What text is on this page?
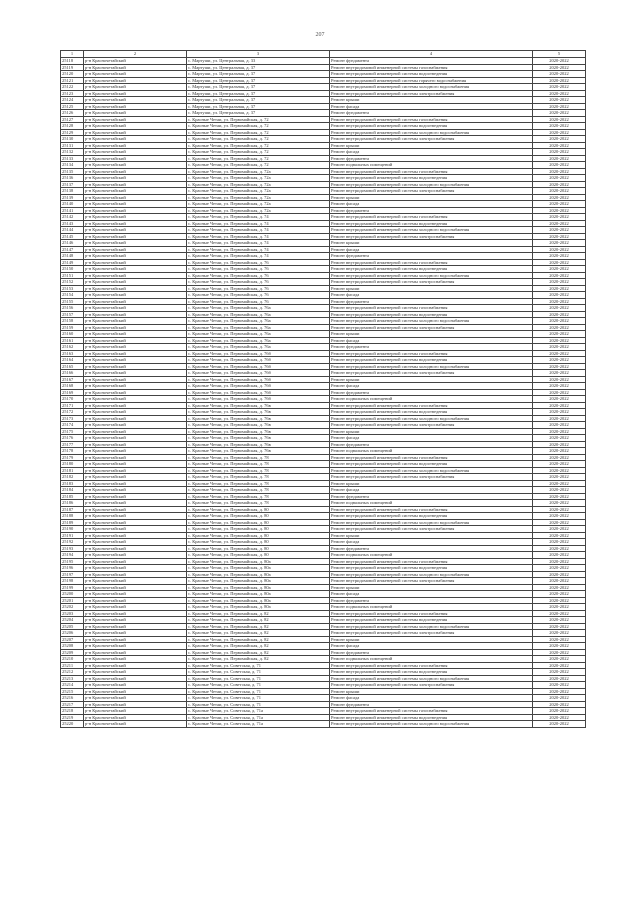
207
1	2	3	4	5
25118	р-н Красночетайский	с. Мартуши, ул. Центральная, д. 33	Ремонт фундамента	2020-2022
25119	р-н Красночетайский	с. Мартуши, ул. Центральная, д. 37	Ремонт внутридомовой инженерной системы газоснабжения	2020-2022
25120	р-н Красночетайский	с. Мартуши, ул. Центральная, д. 37	Ремонт внутридомовой инженерной системы водоотведения	2020-2022
25121	р-н Красночетайский	с. Мартуши, ул. Центральная, д. 37	Ремонт внутридомовой инженерной системы горячего водоснабжения	2020-2022
25122	р-н Красночетайский	с. Мартуши, ул. Центральная, д. 37	Ремонт внутридомовой инженерной системы холодного водоснабжения	2020-2022
25123	р-н Красночетайский	с. Мартуши, ул. Центральная, д. 37	Ремонт внутридомовой инженерной системы электроснабжения	2020-2022
25124	р-н Красночетайский	с. Мартуши, ул. Центральная, д. 37	Ремонт крыши	2020-2022
25125	р-н Красночетайский	с. Мартуши, ул. Центральная, д. 37	Ремонт фасада	2020-2022
25126	р-н Красночетайский	с. Мартуши, ул. Центральная, д. 37	Ремонт фундамента	2020-2022
25127	р-н Красночетайский	с. Красные Четаи, ул. Первомайская, д. 72	Ремонт внутридомовой инженерной системы газоснабжения	2020-2022
25128	р-н Красночетайский	с. Красные Четаи, ул. Первомайская, д. 72	Ремонт внутридомовой инженерной системы водоотведения	2020-2022
25129	р-н Красночетайский	с. Красные Четаи, ул. Первомайская, д. 72	Ремонт внутридомовой инженерной системы холодного водоснабжения	2020-2022
25130	р-н Красночетайский	с. Красные Четаи, ул. Первомайская, д. 72	Ремонт внутридомовой инженерной системы электроснабжения	2020-2022
25131	р-н Красночетайский	с. Красные Четаи, ул. Первомайская, д. 72	Ремонт крыши	2020-2022
25132	р-н Красночетайский	с. Красные Четаи, ул. Первомайская, д. 72	Ремонт фасада	2020-2022
25133	р-н Красночетайский	с. Красные Четаи, ул. Первомайская, д. 72	Ремонт фундамента	2020-2022
25134	р-н Красночетайский	с. Красные Четаи, ул. Первомайская, д. 72	Ремонт подвальных помещений	2020-2022
25135	р-н Красночетайский	с. Красные Четаи, ул. Первомайская, д. 72а	Ремонт внутридомовой инженерной системы газоснабжения	2020-2022
25136	р-н Красночетайский	с. Красные Четаи, ул. Первомайская, д. 72а	Ремонт внутридомовой инженерной системы водоотведения	2020-2022
25137	р-н Красночетайский	с. Красные Четаи, ул. Первомайская, д. 72а	Ремонт внутридомовой инженерной системы холодного водоснабжения	2020-2022
25138	р-н Красночетайский	с. Красные Четаи, ул. Первомайская, д. 72а	Ремонт внутридомовой инженерной системы электроснабжения	2020-2022
25139	р-н Красночетайский	с. Красные Четаи, ул. Первомайская, д. 72а	Ремонт крыши	2020-2022
25140	р-н Красночетайский	с. Красные Четаи, ул. Первомайская, д. 72а	Ремонт фасада	2020-2022
25141	р-н Красночетайский	с. Красные Четаи, ул. Первомайская, д. 72а	Ремонт фундамента	2020-2022
25142	р-н Красночетайский	с. Красные Четаи, ул. Первомайская, д. 74	Ремонт внутридомовой инженерной системы газоснабжения	2020-2022
25143	р-н Красночетайский	с. Красные Четаи, ул. Первомайская, д. 74	Ремонт внутридомовой инженерной системы водоотведения	2020-2022
25144	р-н Красночетайский	с. Красные Четаи, ул. Первомайская, д. 74	Ремонт внутридомовой инженерной системы холодного водоснабжения	2020-2022
25145	р-н Красночетайский	с. Красные Четаи, ул. Первомайская, д. 74	Ремонт внутридомовой инженерной системы электроснабжения	2020-2022
25146	р-н Красночетайский	с. Красные Четаи, ул. Первомайская, д. 74	Ремонт крыши	2020-2022
25147	р-н Красночетайский	с. Красные Четаи, ул. Первомайская, д. 74	Ремонт фасада	2020-2022
25148	р-н Красночетайский	с. Красные Четаи, ул. Первомайская, д. 74	Ремонт фундамента	2020-2022
25149	р-н Красночетайский	с. Красные Четаи, ул. Первомайская, д. 76	Ремонт внутридомовой инженерной системы газоснабжения	2020-2022
25150	р-н Красночетайский	с. Красные Четаи, ул. Первомайская, д. 76	Ремонт внутридомовой инженерной системы водоотведения	2020-2022
25151	р-н Красночетайский	с. Красные Четаи, ул. Первомайская, д. 76	Ремонт внутридомовой инженерной системы холодного водоснабжения	2020-2022
25152	р-н Красночетайский	с. Красные Четаи, ул. Первомайская, д. 76	Ремонт внутридомовой инженерной системы электроснабжения	2020-2022
25153	р-н Красночетайский	с. Красные Четаи, ул. Первомайская, д. 76	Ремонт крыши	2020-2022
25154	р-н Красночетайский	с. Красные Четаи, ул. Первомайская, д. 76	Ремонт фасада	2020-2022
25155	р-н Красночетайский	с. Красные Четаи, ул. Первомайская, д. 76	Ремонт фундамента	2020-2022
25156	р-н Красночетайский	с. Красные Четаи, ул. Первомайская, д. 76а	Ремонт внутридомовой инженерной системы газоснабжения	2020-2022
25157	р-н Красночетайский	с. Красные Четаи, ул. Первомайская, д. 76а	Ремонт внутридомовой инженерной системы водоотведения	2020-2022
25158	р-н Красночетайский	с. Красные Четаи, ул. Первомайская, д. 76а	Ремонт внутридомовой инженерной системы холодного водоснабжения	2020-2022
25159	р-н Красночетайский	с. Красные Четаи, ул. Первомайская, д. 76а	Ремонт внутридомовой инженерной системы электроснабжения	2020-2022
25160	р-н Красночетайский	с. Красные Четаи, ул. Первомайская, д. 76а	Ремонт крыши	2020-2022
25161	р-н Красночетайский	с. Красные Четаи, ул. Первомайская, д. 76а	Ремонт фасада	2020-2022
25162	р-н Красночетайский	с. Красные Четаи, ул. Первомайская, д. 76а	Ремонт фундамента	2020-2022
25163	р-н Красночетайский	с. Красные Четаи, ул. Первомайская, д. 76б	Ремонт внутридомовой инженерной системы газоснабжения	2020-2022
25164	р-н Красночетайский	с. Красные Четаи, ул. Первомайская, д. 76б	Ремонт внутридомовой инженерной системы водоотведения	2020-2022
25165	р-н Красночетайский	с. Красные Четаи, ул. Первомайская, д. 76б	Ремонт внутридомовой инженерной системы холодного водоснабжения	2020-2022
25166	р-н Красночетайский	с. Красные Четаи, ул. Первомайская, д. 76б	Ремонт внутридомовой инженерной системы электроснабжения	2020-2022
25167	р-н Красночетайский	с. Красные Четаи, ул. Первомайская, д. 76б	Ремонт крыши	2020-2022
25168	р-н Красночетайский	с. Красные Четаи, ул. Первомайская, д. 76б	Ремонт фасада	2020-2022
25169	р-н Красночетайский	с. Красные Четаи, ул. Первомайская, д. 76б	Ремонт фундамента	2020-2022
25170	р-н Красночетайский	с. Красные Четаи, ул. Первомайская, д. 76б	Ремонт подвальных помещений	2020-2022
25171	р-н Красночетайский	с. Красные Четаи, ул. Первомайская, д. 76в	Ремонт внутридомовой инженерной системы газоснабжения	2020-2022
25172	р-н Красночетайский	с. Красные Четаи, ул. Первомайская, д. 76в	Ремонт внутридомовой инженерной системы водоотведения	2020-2022
25173	р-н Красночетайский	с. Красные Четаи, ул. Первомайская, д. 76в	Ремонт внутридомовой инженерной системы холодного водоснабжения	2020-2022
25174	р-н Красночетайский	с. Красные Четаи, ул. Первомайская, д. 76в	Ремонт внутридомовой инженерной системы электроснабжения	2020-2022
25175	р-н Красночетайский	с. Красные Четаи, ул. Первомайская, д. 76в	Ремонт крыши	2020-2022
25176	р-н Красночетайский	с. Красные Четаи, ул. Первомайская, д. 76в	Ремонт фасада	2020-2022
25177	р-н Красночетайский	с. Красные Четаи, ул. Первомайская, д. 76в	Ремонт фундамента	2020-2022
25178	р-н Красночетайский	с. Красные Четаи, ул. Первомайская, д. 76в	Ремонт подвальных помещений	2020-2022
25179	р-н Красночетайский	с. Красные Четаи, ул. Первомайская, д. 78	Ремонт внутридомовой инженерной системы газоснабжения	2020-2022
25180	р-н Красночетайский	с. Красные Четаи, ул. Первомайская, д. 78	Ремонт внутридомовой инженерной системы водоотведения	2020-2022
25181	р-н Красночетайский	с. Красные Четаи, ул. Первомайская, д. 78	Ремонт внутридомовой инженерной системы холодного водоснабжения	2020-2022
25182	р-н Красночетайский	с. Красные Четаи, ул. Первомайская, д. 78	Ремонт внутридомовой инженерной системы электроснабжения	2020-2022
25183	р-н Красночетайский	с. Красные Четаи, ул. Первомайская, д. 78	Ремонт крыши	2020-2022
25184	р-н Красночетайский	с. Красные Четаи, ул. Первомайская, д. 78	Ремонт фасада	2020-2022
25185	р-н Красночетайский	с. Красные Четаи, ул. Первомайская, д. 78	Ремонт фундамента	2020-2022
25186	р-н Красночетайский	с. Красные Четаи, ул. Первомайская, д. 78	Ремонт подвальных помещений	2020-2022
25187	р-н Красночетайский	с. Красные Четаи, ул. Первомайская, д. 80	Ремонт внутридомовой инженерной системы газоснабжения	2020-2022
25188	р-н Красночетайский	с. Красные Четаи, ул. Первомайская, д. 80	Ремонт внутридомовой инженерной системы водоотведения	2020-2022
25189	р-н Красночетайский	с. Красные Четаи, ул. Первомайская, д. 80	Ремонт внутридомовой инженерной системы холодного водоснабжения	2020-2022
25190	р-н Красночетайский	с. Красные Четаи, ул. Первомайская, д. 80	Ремонт внутридомовой инженерной системы электроснабжения	2020-2022
25191	р-н Красночетайский	с. Красные Четаи, ул. Первомайская, д. 80	Ремонт крыши	2020-2022
25192	р-н Красночетайский	с. Красные Четаи, ул. Первомайская, д. 80	Ремонт фасада	2020-2022
25193	р-н Красночетайский	с. Красные Четаи, ул. Первомайская, д. 80	Ремонт фундамента	2020-2022
25194	р-н Красночетайский	с. Красные Четаи, ул. Первомайская, д. 80	Ремонт подвальных помещений	2020-2022
25195	р-н Красночетайский	с. Красные Четаи, ул. Первомайская, д. 80а	Ремонт внутридомовой инженерной системы газоснабжения	2020-2022
25196	р-н Красночетайский	с. Красные Четаи, ул. Первомайская, д. 80а	Ремонт внутридомовой инженерной системы водоотведения	2020-2022
25197	р-н Красночетайский	с. Красные Четаи, ул. Первомайская, д. 80а	Ремонт внутридомовой инженерной системы холодного водоснабжения	2020-2022
25198	р-н Красночетайский	с. Красные Четаи, ул. Первомайская, д. 80а	Ремонт внутридомовой инженерной системы электроснабжения	2020-2022
25199	р-н Красночетайский	с. Красные Четаи, ул. Первомайская, д. 80а	Ремонт крыши	2020-2022
25200	р-н Красночетайский	с. Красные Четаи, ул. Первомайская, д. 80а	Ремонт фасада	2020-2022
25201	р-н Красночетайский	с. Красные Четаи, ул. Первомайская, д. 80а	Ремонт фундамента	2020-2022
25202	р-н Красночетайский	с. Красные Четаи, ул. Первомайская, д. 80а	Ремонт подвальных помещений	2020-2022
25203	р-н Красночетайский	с. Красные Четаи, ул. Первомайская, д. 82	Ремонт внутридомовой инженерной системы газоснабжения	2020-2022
25204	р-н Красночетайский	с. Красные Четаи, ул. Первомайская, д. 82	Ремонт внутридомовой инженерной системы водоотведения	2020-2022
25205	р-н Красночетайский	с. Красные Четаи, ул. Первомайская, д. 82	Ремонт внутридомовой инженерной системы холодного водоснабжения	2020-2022
25206	р-н Красночетайский	с. Красные Четаи, ул. Первомайская, д. 82	Ремонт внутридомовой инженерной системы электроснабжения	2020-2022
25207	р-н Красночетайский	с. Красные Четаи, ул. Первомайская, д. 82	Ремонт крыши	2020-2022
25208	р-н Красночетайский	с. Красные Четаи, ул. Первомайская, д. 82	Ремонт фасада	2020-2022
25209	р-н Красночетайский	с. Красные Четаи, ул. Первомайская, д. 82	Ремонт фундамента	2020-2022
25210	р-н Красночетайский	с. Красные Четаи, ул. Первомайская, д. 82	Ремонт подвальных помещений	2020-2022
25211	р-н Красночетайский	с. Красные Четаи, ул. Советская, д. 71	Ремонт внутридомовой инженерной системы газоснабжения	2020-2022
25212	р-н Красночетайский	с. Красные Четаи, ул. Советская, д. 71	Ремонт внутридомовой инженерной системы водоотведения	2020-2022
25213	р-н Красночетайский	с. Красные Четаи, ул. Советская, д. 71	Ремонт внутридомовой инженерной системы холодного водоснабжения	2020-2022
25214	р-н Красночетайский	с. Красные Четаи, ул. Советская, д. 71	Ремонт внутридомовой инженерной системы электроснабжения	2020-2022
25215	р-н Красночетайский	с. Красные Четаи, ул. Советская, д. 71	Ремонт крыши	2020-2022
25216	р-н Красночетайский	с. Красные Четаи, ул. Советская, д. 71	Ремонт фасада	2020-2022
25217	р-н Красночетайский	с. Красные Четаи, ул. Советская, д. 71	Ремонт фундамента	2020-2022
25218	р-н Красночетайский	с. Красные Четаи, ул. Советская, д. 71а	Ремонт внутридомовой инженерной системы газоснабжения	2020-2022
25219	р-н Красночетайский	с. Красные Четаи, ул. Советская, д. 71а	Ремонт внутридомовой инженерной системы водоотведения	2020-2022
25220	р-н Красночетайский	с. Красные Четаи, ул. Советская, д. 71а	Ремонт внутридомовой инженерной системы холодного водоснабжения	2020-2022
